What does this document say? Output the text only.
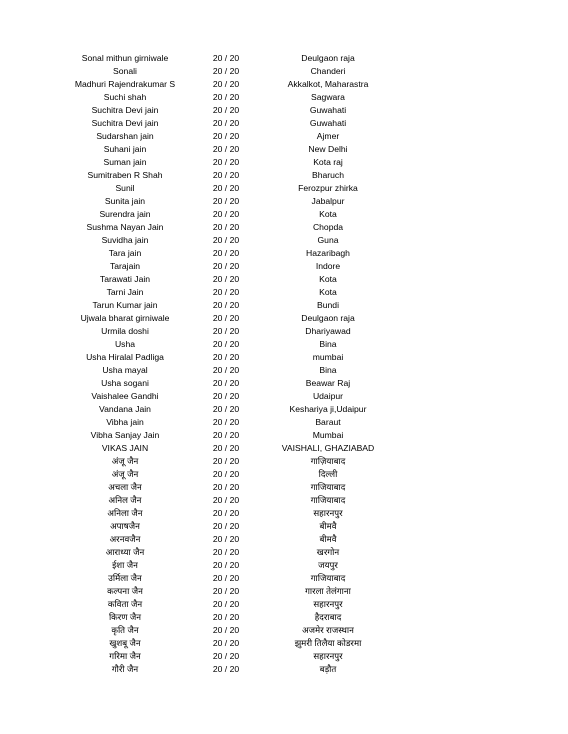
Sonal mithun girniwale	20 / 20	Deulgaon raja
Sonali	20 / 20	Chanderi
Madhuri Rajendrakumar S	20 / 20	Akkalkot, Maharastra
Suchi shah	20 / 20	Sagwara
Suchitra Devi jain	20 / 20	Guwahati
Suchitra Devi jain	20 / 20	Guwahati
Sudarshan jain	20 / 20	Ajmer
Suhani jain	20 / 20	New Delhi
Suman jain	20 / 20	Kota raj
Sumitraben R Shah	20 / 20	Bharuch
Sunil	20 / 20	Ferozpur zhirka
Sunita jain	20 / 20	Jabalpur
Surendra jain	20 / 20	Kota
Sushma Nayan Jain	20 / 20	Chopda
Suvidha jain	20 / 20	Guna
Tara jain	20 / 20	Hazaribagh
Tarajain	20 / 20	Indore
Tarawati Jain	20 / 20	Kota
Tarni Jain	20 / 20	Kota
Tarun Kumar jain	20 / 20	Bundi
Ujwala bharat girniwale	20 / 20	Deulgaon raja
Urmila doshi	20 / 20	Dhariyawad
Usha	20 / 20	Bina
Usha Hiralal Padliga	20 / 20	mumbai
Usha mayal	20 / 20	Bina
Usha sogani	20 / 20	Beawar Raj
Vaishalee Gandhi	20 / 20	Udaipur
Vandana Jain	20 / 20	Keshariya ji,Udaipur
Vibha jain	20 / 20	Baraut
Vibha Sanjay Jain	20 / 20	Mumbai
VIKAS JAIN	20 / 20	VAISHALI, GHAZIABAD
अंजू जैन	20 / 20	गाज़ियाबाद
अंजू जैन	20 / 20	दिल्ली
अचला जैन	20 / 20	गाजियाबाद
अनिल जैन	20 / 20	गाजियाबाद
अनिला जैन	20 / 20	सहारनपुर
अपाषजैन	20 / 20	बीमवै
अरनवजैन	20 / 20	बीमवै
आराध्या जैन	20 / 20	खरगोन
ईशा जैन	20 / 20	जयपुर
उर्मिला जैन	20 / 20	गाजियाबाद
कल्पना जैन	20 / 20	गारला तेलंगाना
कविता जैन	20 / 20	सहारनपुर
किरण जैन	20 / 20	हैदराबाद
कृति जैन	20 / 20	अजमेर राजस्थान
खुशबू जैन	20 / 20	झुमरी तिलैया कोडरमा
गरिमा जैन	20 / 20	सहारनपुर
गौरी जैन	20 / 20	बड़ौत
